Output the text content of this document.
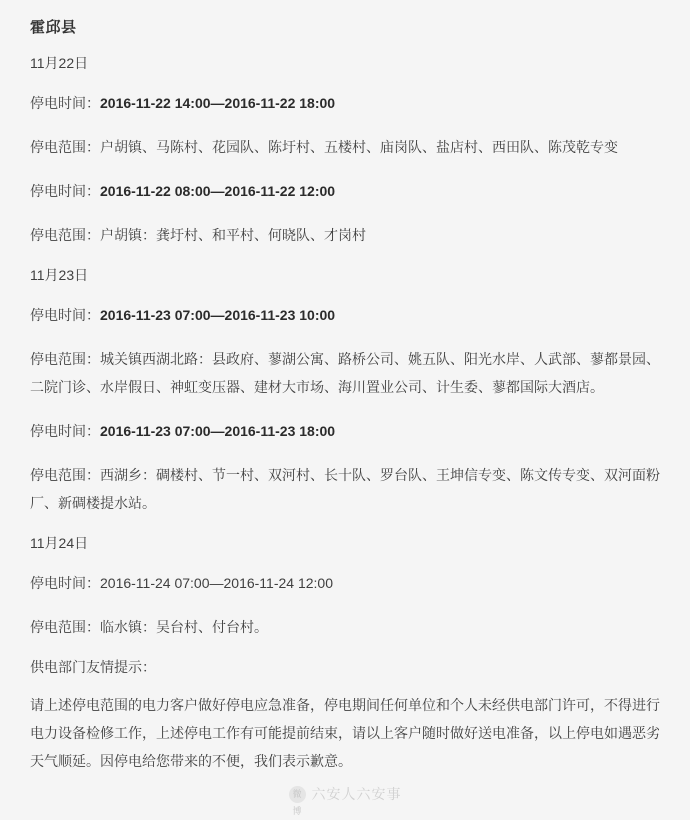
霍邱县
11月22日
停电时间：2016-11-22 14:00—2016-11-22 18:00
停电范围：户胡镇、马陈村、花园队、陈圩村、五楼村、庙岗队、盐店村、西田队、陈茂乾专变
停电时间：2016-11-22 08:00—2016-11-22 12:00
停电范围：户胡镇：龚圩村、和平村、何晓队、才岗村
11月23日
停电时间：2016-11-23 07:00—2016-11-23 10:00
停电范围：城关镇西湖北路：县政府、蓼湖公寓、路桥公司、姚五队、阳光水岸、人武部、蓼都景园、二院门诊、水岸假日、神虹变压器、建材大市场、海川置业公司、计生委、蓼都国际大酒店。
停电时间：2016-11-23 07:00—2016-11-23 18:00
停电范围：西湖乡：碉楼村、节一村、双河村、长十队、罗台队、王坤信专变、陈文传专变、双河面粉厂、新碉楼提水站。
11月24日
停电时间：2016-11-24 07:00—2016-11-24 12:00
停电范围：临水镇：吴台村、付台村。
供电部门友情提示：
请上述停电范围的电力客户做好停电应急准备，停电期间任何单位和个人未经供电部门许可，不得进行电力设备检修工作，上述停电工作有可能提前结束，请以上客户随时做好送电准备，以上停电如遇恶劣天气顺延。因停电给您带来的不便，我们表示歉意。
微博
六安人六安事
